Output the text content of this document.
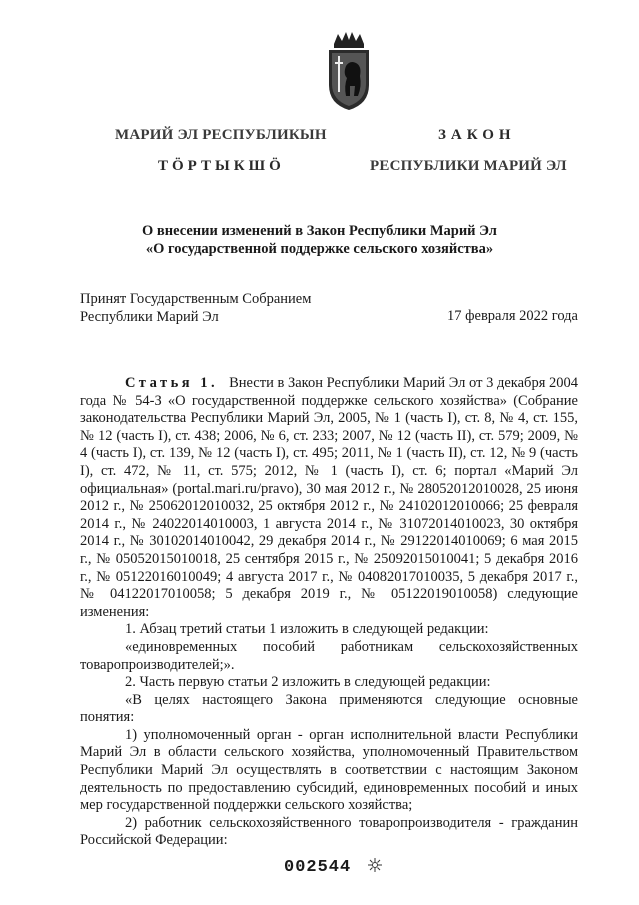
МАРИЙ ЭЛ РЕСПУБЛИКЫН	ЗАКОН
ТӦРТЫКШӦ	РЕСПУБЛИКИ МАРИЙ ЭЛ
О внесении изменений в Закон Республики Марий Эл
«О государственной поддержке сельского хозяйства»
Принят Государственным Собранием
Республики Марий Эл	17 февраля 2022 года

Статья 1. Внести в Закон Республики Марий Эл от 3 декабря 2004 года № 54-З «О государственной поддержке сельского хозяйства» (Собрание законодательства Республики Марий Эл, 2005, № 1 (часть I), ст. 8, № 4, ст. 155, № 12 (часть I), ст. 438; 2006, № 6, ст. 233; 2007, № 12 (часть II), ст. 579; 2009, № 4 (часть I), ст. 139, № 12 (часть I), ст. 495; 2011, № 1 (часть II), ст. 12, № 9 (часть I), ст. 472, № 11, ст. 575; 2012, № 1 (часть I), ст. 6; портал «Марий Эл официальная» (portal.mari.ru/pravo), 30 мая 2012 г., № 28052012010028, 25 июня 2012 г., № 25062012010032, 25 октября 2012 г., № 24102012010066; 25 февраля 2014 г., № 24022014010003, 1 августа 2014 г., № 31072014010023, 30 октября 2014 г., № 30102014010042, 29 декабря 2014 г., № 29122014010069; 6 мая 2015 г., № 05052015010018, 25 сентября 2015 г., № 25092015010041; 5 декабря 2016 г., № 05122016010049; 4 августа 2017 г., № 04082017010035, 5 декабря 2017 г., № 04122017010058; 5 декабря 2019 г., № 05122019010058) следующие изменения:

1. Абзац третий статьи 1 изложить в следующей редакции:

«единовременных пособий работникам сельскохозяйственных товаропроизводителей;».

2. Часть первую статьи 2 изложить в следующей редакции:

«В целях настоящего Закона применяются следующие основные понятия:

1) уполномоченный орган - орган исполнительной власти Республики Марий Эл в области сельского хозяйства, уполномоченный Правительством Республики Марий Эл осуществлять в соответствии с настоящим Законом деятельность по предоставлению субсидий, единовременных пособий и иных мер государственной поддержки сельского хозяйства;

2) работник сельскохозяйственного товаропроизводителя - гражданин Российской Федерации:

002544
